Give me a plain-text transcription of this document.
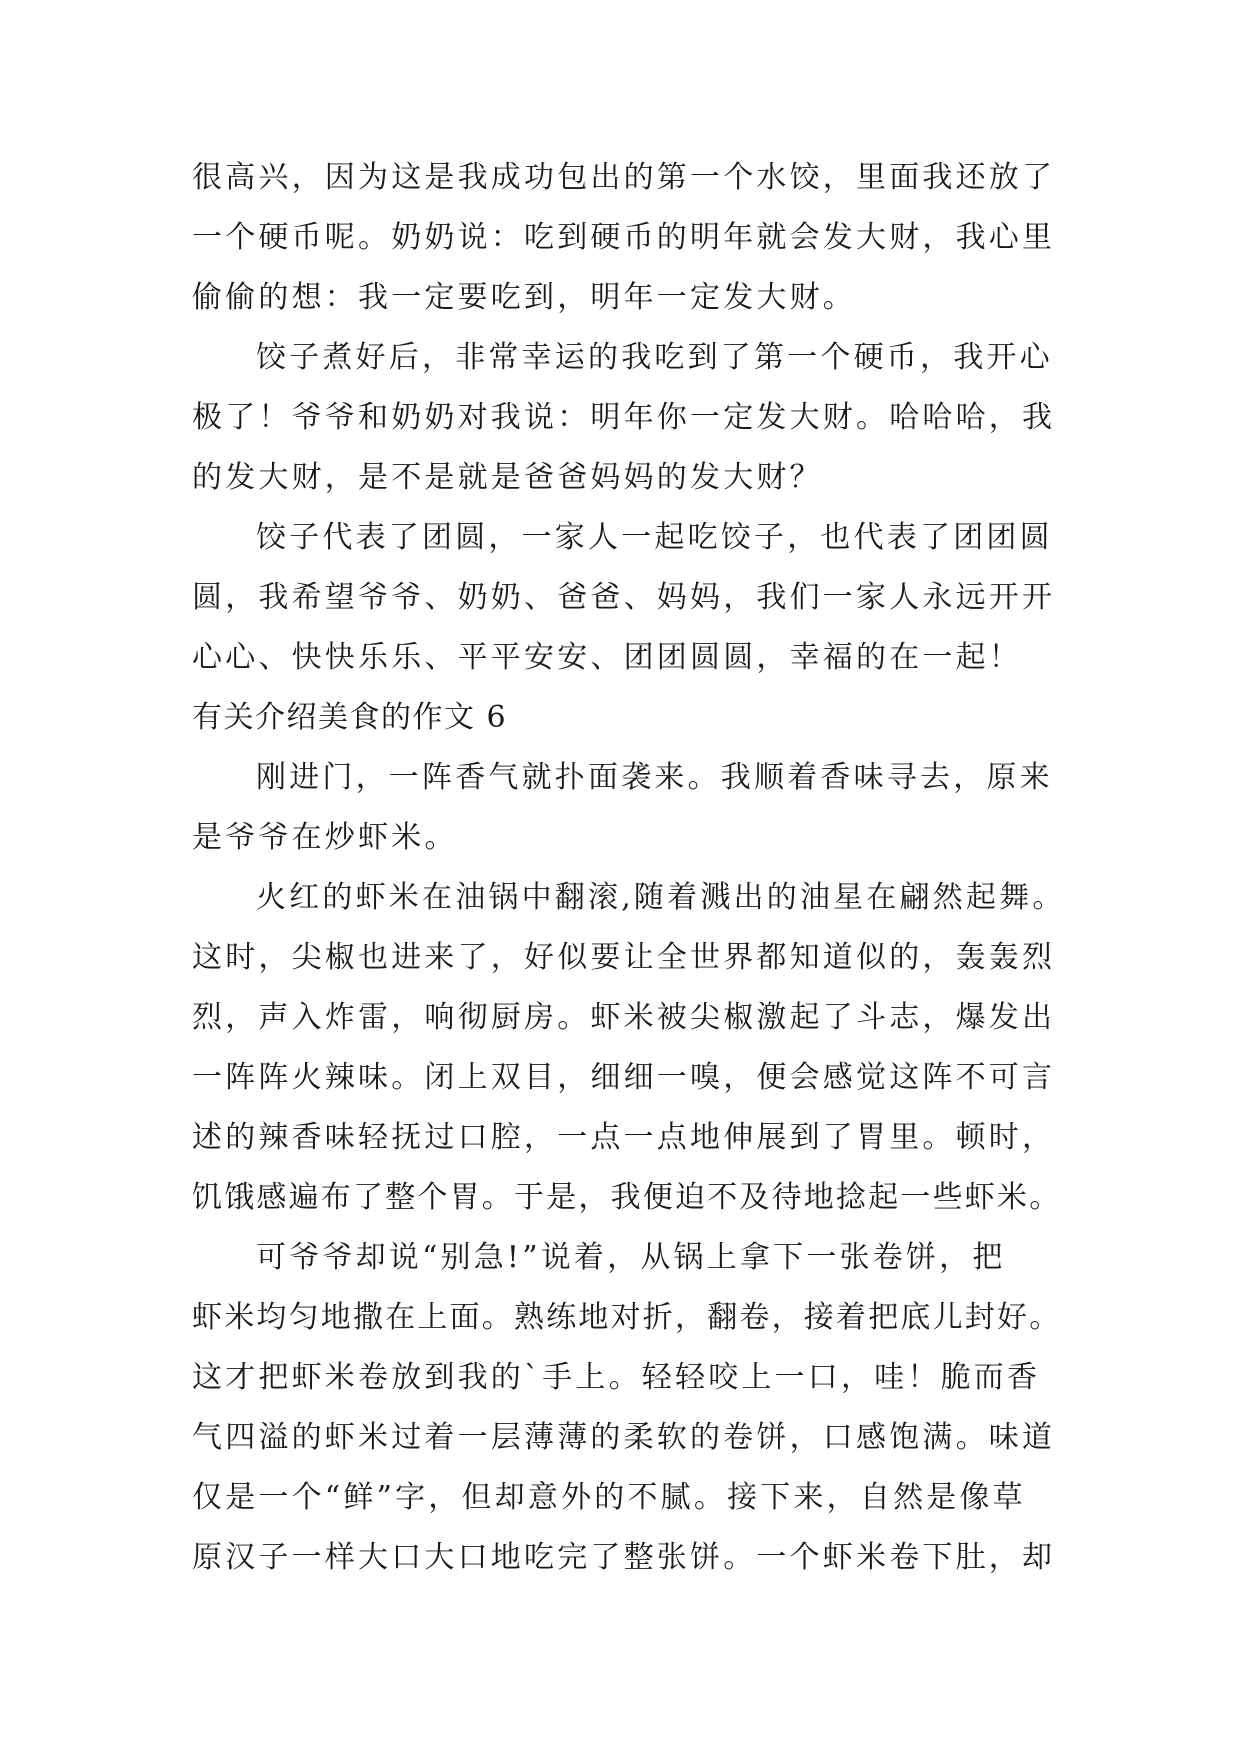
很高兴，因为这是我成功包出的第一个水饺，里面我还放了
一个硬币呢。奶奶说：吃到硬币的明年就会发大财，我心里
偷偷的想：我一定要吃到，明年一定发大财。
饺子煮好后，非常幸运的我吃到了第一个硬币，我开心
极了！爷爷和奶奶对我说：明年你一定发大财。哈哈哈，我
的发大财，是不是就是爸爸妈妈的发大财？
饺子代表了团圆，一家人一起吃饺子，也代表了团团圆
圆，我希望爷爷、奶奶、爸爸、妈妈，我们一家人永远开开
心心、快快乐乐、平平安安、团团圆圆，幸福的在一起！
有关介绍美食的作文 6
刚进门，一阵香气就扑面袭来。我顺着香味寻去，原来
是爷爷在炒虾米。
火红的虾米在油锅中翻滚,随着溅出的油星在翩然起舞。
这时，尖椒也进来了，好似要让全世界都知道似的，轰轰烈
烈，声入炸雷，响彻厨房。虾米被尖椒激起了斗志，爆发出
一阵阵火辣味。闭上双目，细细一嗅，便会感觉这阵不可言
述的辣香味轻抚过口腔，一点一点地伸展到了胃里。顿时，
饥饿感遍布了整个胃。于是，我便迫不及待地捻起一些虾米。
可爷爷却说“别急!”说着，从锅上拿下一张卷饼，把
虾米均匀地撒在上面。熟练地对折，翻卷，接着把底儿封好。
这才把虾米卷放到我的`手上。轻轻咬上一口，哇！脆而香
气四溢的虾米过着一层薄薄的柔软的卷饼，口感饱满。味道
仅是一个“鲜”字，但却意外的不腻。接下来，自然是像草
原汉子一样大口大口地吃完了整张饼。一个虾米卷下肚，却
